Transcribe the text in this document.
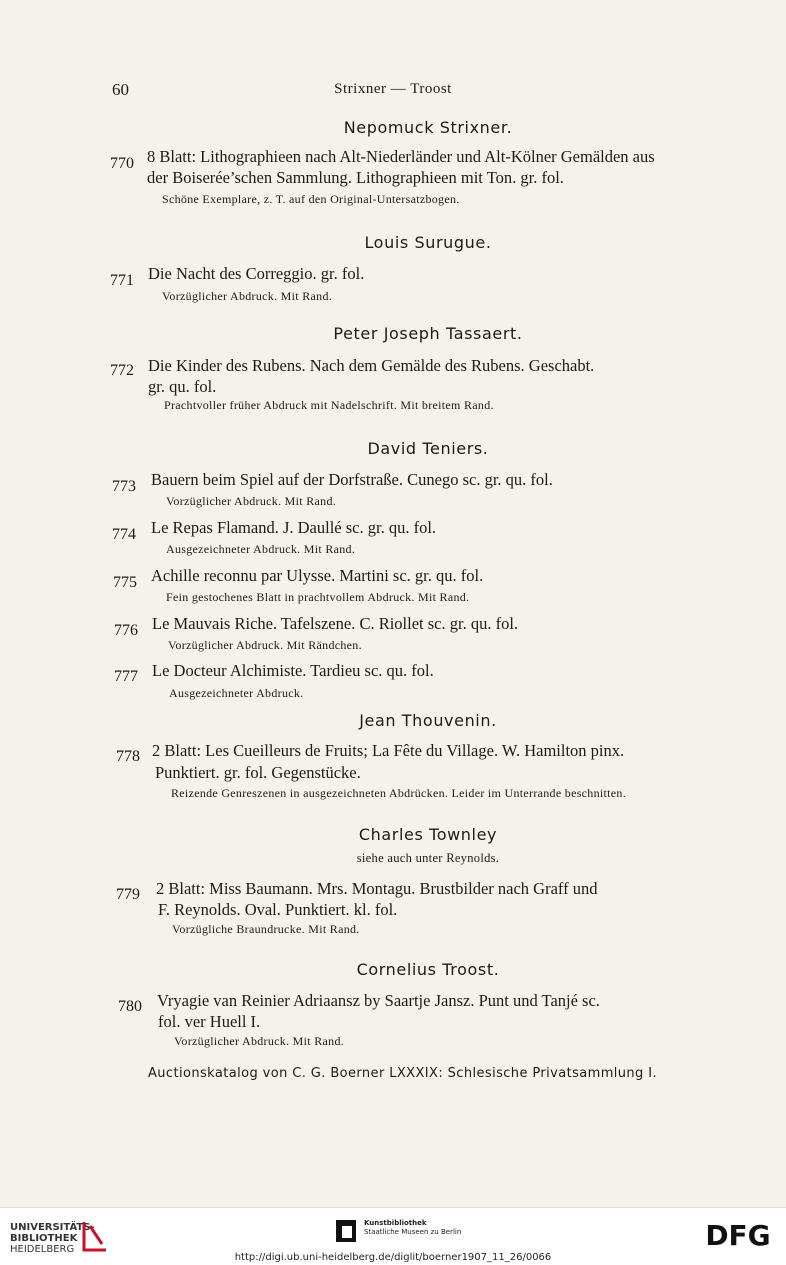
60	Strixner — Troost
Nepomuck Strixner.
770 8 Blatt: Lithographieen nach Alt-Niederländer und Alt-Kölner Gemälden aus
der Boiserée’schen Sammlung. Lithographieen mit Ton. gr. fol.
Schöne Exemplare, z. T. auf den Original-Untersatzbogen.
Louis Surugue.
771 Die Nacht des Correggio. gr. fol.
Vorzüglicher Abdruck. Mit Rand.
Peter Joseph Tassaert.
772 Die Kinder des Rubens. Nach dem Gemälde des Rubens. Geschabt.
gr. qu. fol.
Prachtvoller früher Abdruck mit Nadelschrift. Mit breitem Rand.
David Teniers.
773 Bauern beim Spiel auf der Dorfstraße. Cunego sc. gr. qu. fol.
Vorzüglicher Abdruck. Mit Rand.
774 Le Repas Flamand. J. Daullé sc. gr. qu. fol.
Ausgezeichneter Abdruck. Mit Rand.
775 Achille reconnu par Ulysse. Martini sc. gr. qu. fol.
Fein gestochenes Blatt in prachtvollem Abdruck. Mit Rand.
776 Le Mauvais Riche. Tafelszene. C. Riollet sc. gr. qu. fol.
Vorzüglicher Abdruck. Mit Rändchen.
777 Le Docteur Alchimiste. Tardieu sc. qu. fol.
Ausgezeichneter Abdruck.
Jean Thouvenin.
778 2 Blatt: Les Cueilleurs de Fruits; La Fête du Village. W. Hamilton pinx.
Punktiert. gr. fol. Gegenstücke.
Reizende Genreszenen in ausgezeichneten Abdrücken. Leider im Unterrande beschnitten.
Charles Townley
siehe auch unter Reynolds.
779 2 Blatt: Miss Baumann. Mrs. Montagu. Brustbilder nach Graff und
F. Reynolds. Oval. Punktiert. kl. fol.
Vorzügliche Braundrucke. Mit Rand.
Cornelius Troost.
780 Vryagie van Reinier Adriaansz by Saartje Jansz. Punt und Tanjé sc.
fol. ver Huell I.
Vorzüglicher Abdruck. Mit Rand.
Auctionskatalog von C. G. Boerner LXXXIX: Schlesische Privatsammlung I.
UNIVERSITÄTS-
BIBLIOTHEK
HEIDELBERG
Kunstbibliothek
Staatliche Museen zu Berlin	DFG
http://digi.ub.uni-heidelberg.de/diglit/boerner1907_11_26/0066
